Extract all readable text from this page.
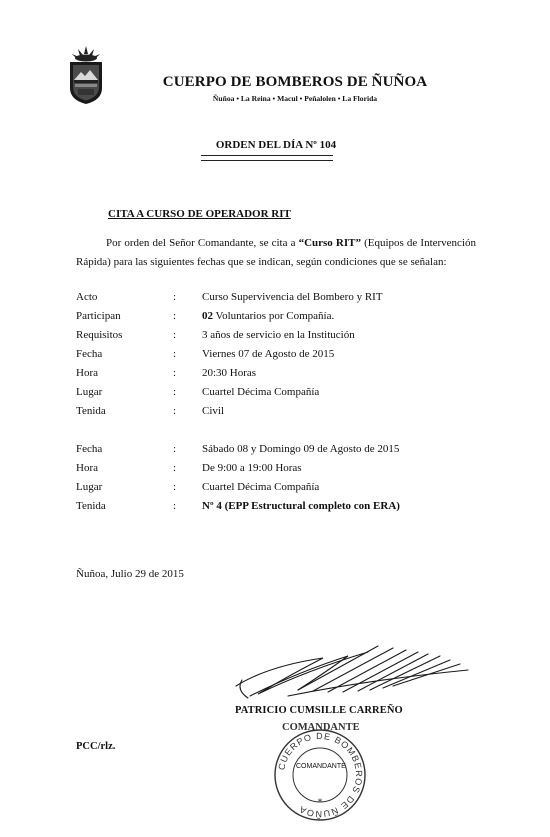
CUERPO DE BOMBEROS DE ÑUÑOA
Ñuñoa • La Reina • Macul • Peñalolen • La Florida
ORDEN DEL DÍA Nº 104
CITA A CURSO DE OPERADOR RIT
Por orden del Señor Comandante, se cita a “Curso RIT” (Equipos de Intervención Rápida) para las siguientes fechas que se indican, según condiciones que se señalan:
Acto	: Curso Supervivencia del Bombero y RIT
Participan	: 02 Voluntarios por Compañía.
Requisitos	: 3 años de servicio en la Institución
Fecha	: Viernes 07 de Agosto de 2015
Hora	: 20:30 Horas
Lugar	: Cuartel Décima Compañía
Tenida	: Civil
Fecha	: Sábado 08 y Domingo 09 de Agosto de 2015
Hora	: De 9:00 a 19:00 Horas
Lugar	: Cuartel Décima Compañía
Tenida	: Nº 4 (EPP Estructural completo con ERA)
Ñuñoa, Julio 29 de 2015
PATRICIO CUMSILLE CARREÑO
COMANDANTE
PCC/rlz.
CUERPO DE BOMBEROS DE ÑUÑOA
COMANDANTE
*
